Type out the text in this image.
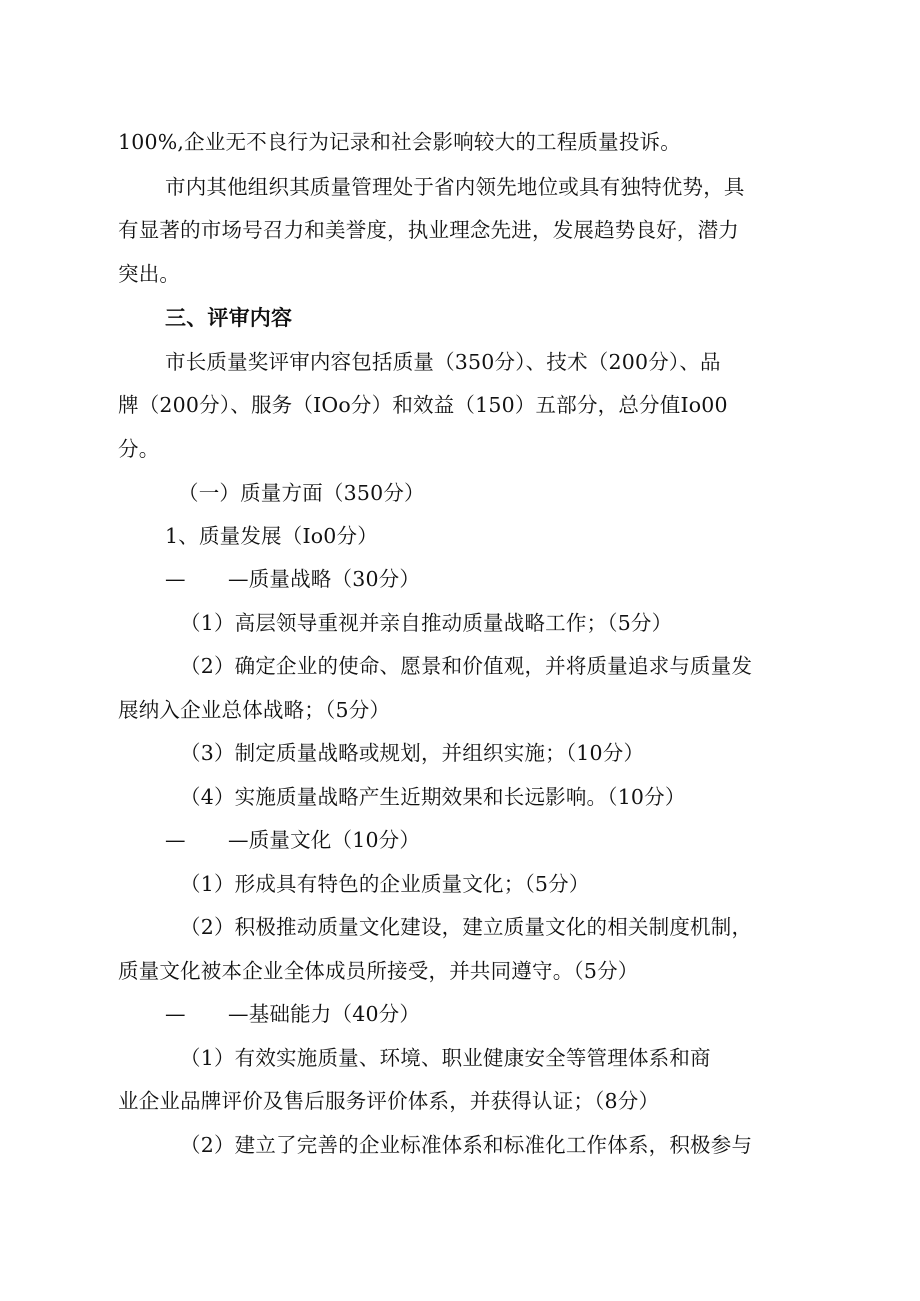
100%,企业无不良行为记录和社会影响较大的工程质量投诉。
市内其他组织其质量管理处于省内领先地位或具有独特优势，具
有显著的市场号召力和美誉度，执业理念先进，发展趋势良好，潜力
突出。
三、评审内容
市长质量奖评审内容包括质量（350分）、技术（200分）、品
牌（200分）、服务（IOo分）和效益（150）五部分，总分值Io00
分。
（一）质量方面（350分）
1、质量发展（Io0分）
— —质量战略（30分）
（1）高层领导重视并亲自推动质量战略工作；（5分）
（2）确定企业的使命、愿景和价值观，并将质量追求与质量发
展纳入企业总体战略；（5分）
（3）制定质量战略或规划，并组织实施；（10分）
（4）实施质量战略产生近期效果和长远影响。（10分）
— —质量文化（10分）
（1）形成具有特色的企业质量文化；（5分）
（2）积极推动质量文化建设，建立质量文化的相关制度机制，
质量文化被本企业全体成员所接受，并共同遵守。（5分）
— —基础能力（40分）
（1）有效实施质量、环境、职业健康安全等管理体系和商
业企业品牌评价及售后服务评价体系，并获得认证；（8分）
（2）建立了完善的企业标准体系和标准化工作体系，积极参与
